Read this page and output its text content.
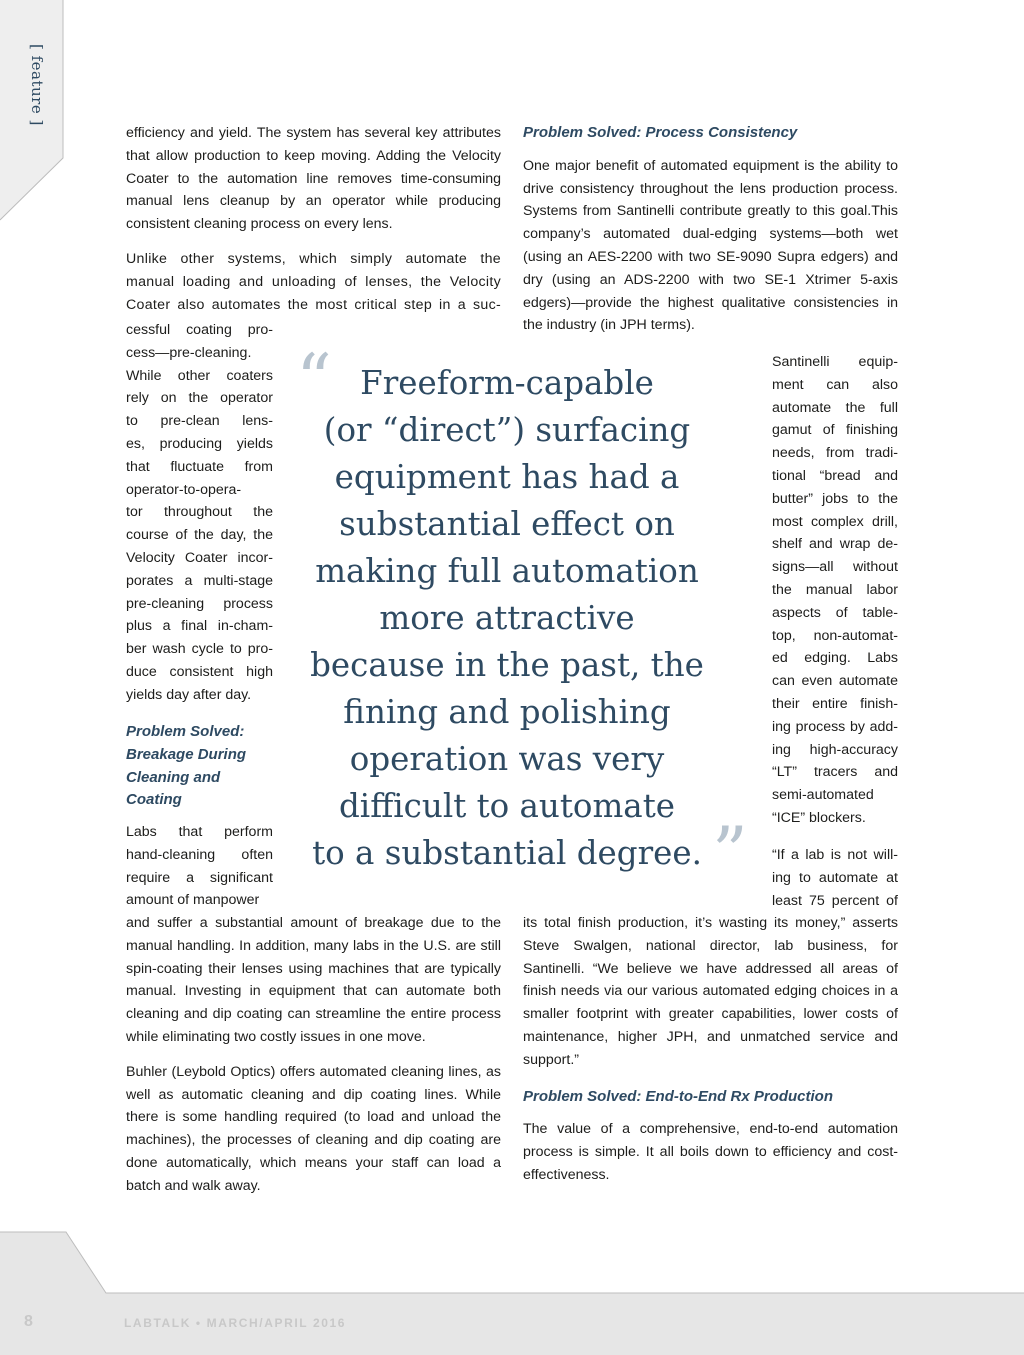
[ feature ]

efficiency and yield. The system has several key attributes that allow production to keep moving. Adding the Velocity Coater to the automation line removes time-consuming manual lens cleanup by an operator while producing consistent cleaning process on every lens.

Unlike other systems, which simply automate the
manual loading and unloading of lenses, the Velocity
Coater also automates the most critical step in a suc-
cessful coating pro-
cess—pre-cleaning.
While other coaters
rely on the operator
to pre-clean lens-
es, producing yields
that fluctuate from
operator-to-opera-
tor throughout the
course of the day, the
Velocity Coater incor-
porates a multi-stage
pre-cleaning process
plus a final in-cham-
ber wash cycle to pro-
duce consistent high
yields day after day.
Problem Solved:
Breakage During
Cleaning and
Coating
Labs that perform
hand-cleaning often
require a significant
amount of manpower

and suffer a substantial amount of breakage due to the manual handling. In addition, many labs in the U.S. are still spin-coating their lenses using machines that are typically manual. Investing in equipment that can automate both cleaning and dip coating can streamline the entire process while eliminating two costly issues in one move.

Buhler (Leybold Optics) offers automated cleaning lines, as well as automatic cleaning and dip coating lines. While there is some handling required (to load and unload the machines), the processes of cleaning and dip coating are done automatically, which means your staff can load a batch and walk away.

Problem Solved: Process Consistency

One major benefit of automated equipment is the ability to drive consistency throughout the lens production process. Systems from Santinelli contribute greatly to this goal.This company’s automated dual-edging systems—both wet (using an AES-2200 with two SE-9090 Supra edgers) and dry (using an ADS-2200 with two SE-1 Xtrimer 5-axis edgers)—provide the highest qualitative consistencies in the industry (in JPH terms).

Santinelli equip-
ment can also
automate the full
gamut of finishing
needs, from tradi-
tional “bread and
butter” jobs to the
most complex drill,
shelf and wrap de-
signs—all without
the manual labor
aspects of table-
top, non-automat-
ed edging. Labs
can even automate
their entire finish-
ing process by add-
ing high-accuracy
“LT” tracers and
semi-automated
“ICE” blockers.
“If a lab is not will-
ing to automate at
least 75 percent of

its total finish production, it’s wasting its money,” asserts Steve Swalgen, national director, lab business, for Santinelli. “We believe we have addressed all areas of finish needs via our various automated edging choices in a smaller footprint with greater capabilities, lower costs of maintenance, higher JPH, and unmatched service and support.”

Problem Solved: End-to-End Rx Production

The value of a comprehensive, end-to-end automation process is simple. It all boils down to efficiency and cost-effectiveness.

“ Freeform-capable
(or “direct”) surfacing
equipment has had a
substantial effect on
making full automation
more attractive
because in the past, the
fining and polishing
operation was very
difficult to automate
to a substantial degree. ”
8	LABTALK • MARCH/APRIL 2016
